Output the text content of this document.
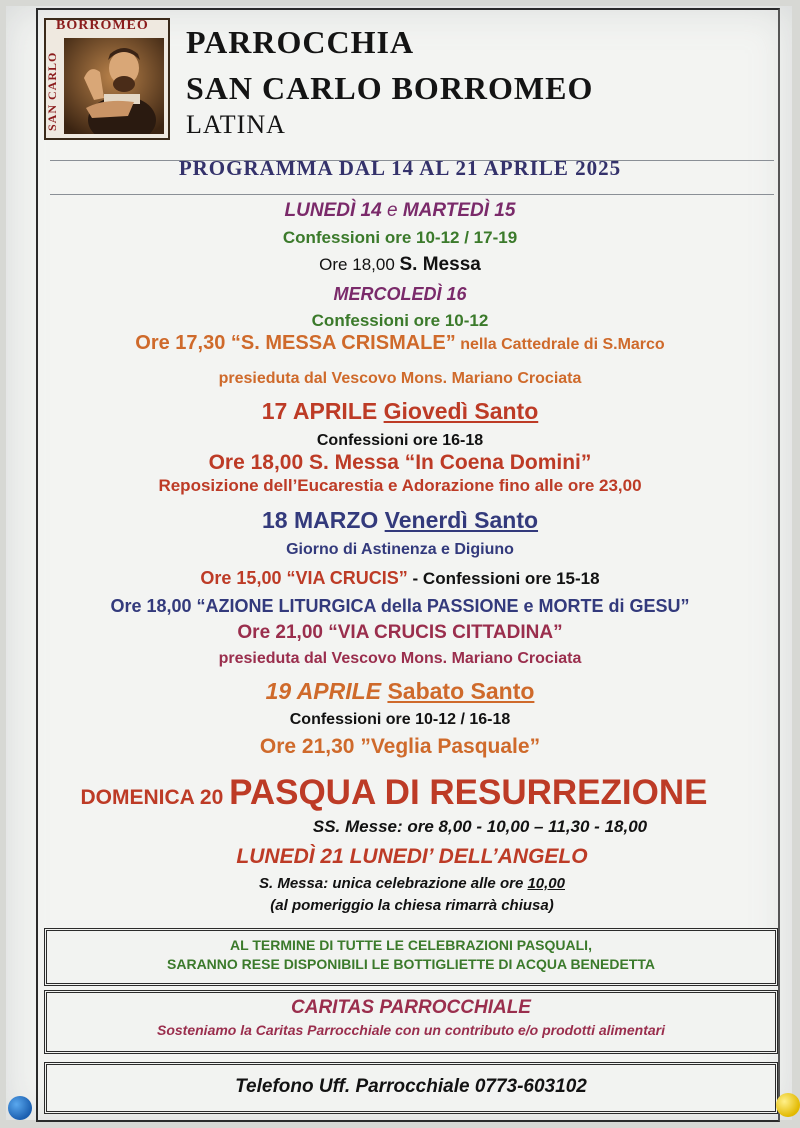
BORROMEO
SAN CARLO
PARROCCHIA
SAN CARLO BORROMEO
LATINA
PROGRAMMA DAL 14 AL 21 APRILE 2025
LUNEDÌ 14 e MARTEDÌ 15
Confessioni ore 10-12 / 17-19
Ore 18,00 S. Messa
MERCOLEDÌ 16
Confessioni ore 10-12
Ore 17,30 “S. MESSA CRISMALE” nella Cattedrale di S.Marco
presieduta dal Vescovo Mons. Mariano Crociata
17 APRILE Giovedì Santo
Confessioni ore 16-18
Ore 18,00 S. Messa “In Coena Domini”
Reposizione dell’Eucarestia e Adorazione fino alle ore 23,00
18 MARZO Venerdì Santo
Giorno di Astinenza e Digiuno
Ore 15,00 “VIA CRUCIS” - Confessioni ore 15-18
Ore 18,00 “AZIONE LITURGICA della PASSIONE e MORTE di GESU”
Ore 21,00 “VIA CRUCIS CITTADINA”
presieduta dal Vescovo Mons. Mariano Crociata
19 APRILE Sabato Santo
Confessioni ore 10-12 / 16-18
Ore 21,30 ”Veglia Pasquale”
DOMENICA 20 PASQUA DI RESURREZIONE
SS. Messe: ore 8,00 - 10,00 – 11,30 - 18,00
LUNEDÌ 21 LUNEDI’ DELL’ANGELO
S. Messa: unica celebrazione alle ore 10,00
(al pomeriggio la chiesa rimarrà chiusa)
AL TERMINE DI TUTTE LE CELEBRAZIONI PASQUALI,
SARANNO RESE DISPONIBILI LE BOTTIGLIETTE DI ACQUA BENEDETTA
CARITAS PARROCCHIALE
Sosteniamo la Caritas Parrocchiale con un contributo e/o prodotti alimentari
Telefono Uff. Parrocchiale 0773-603102
